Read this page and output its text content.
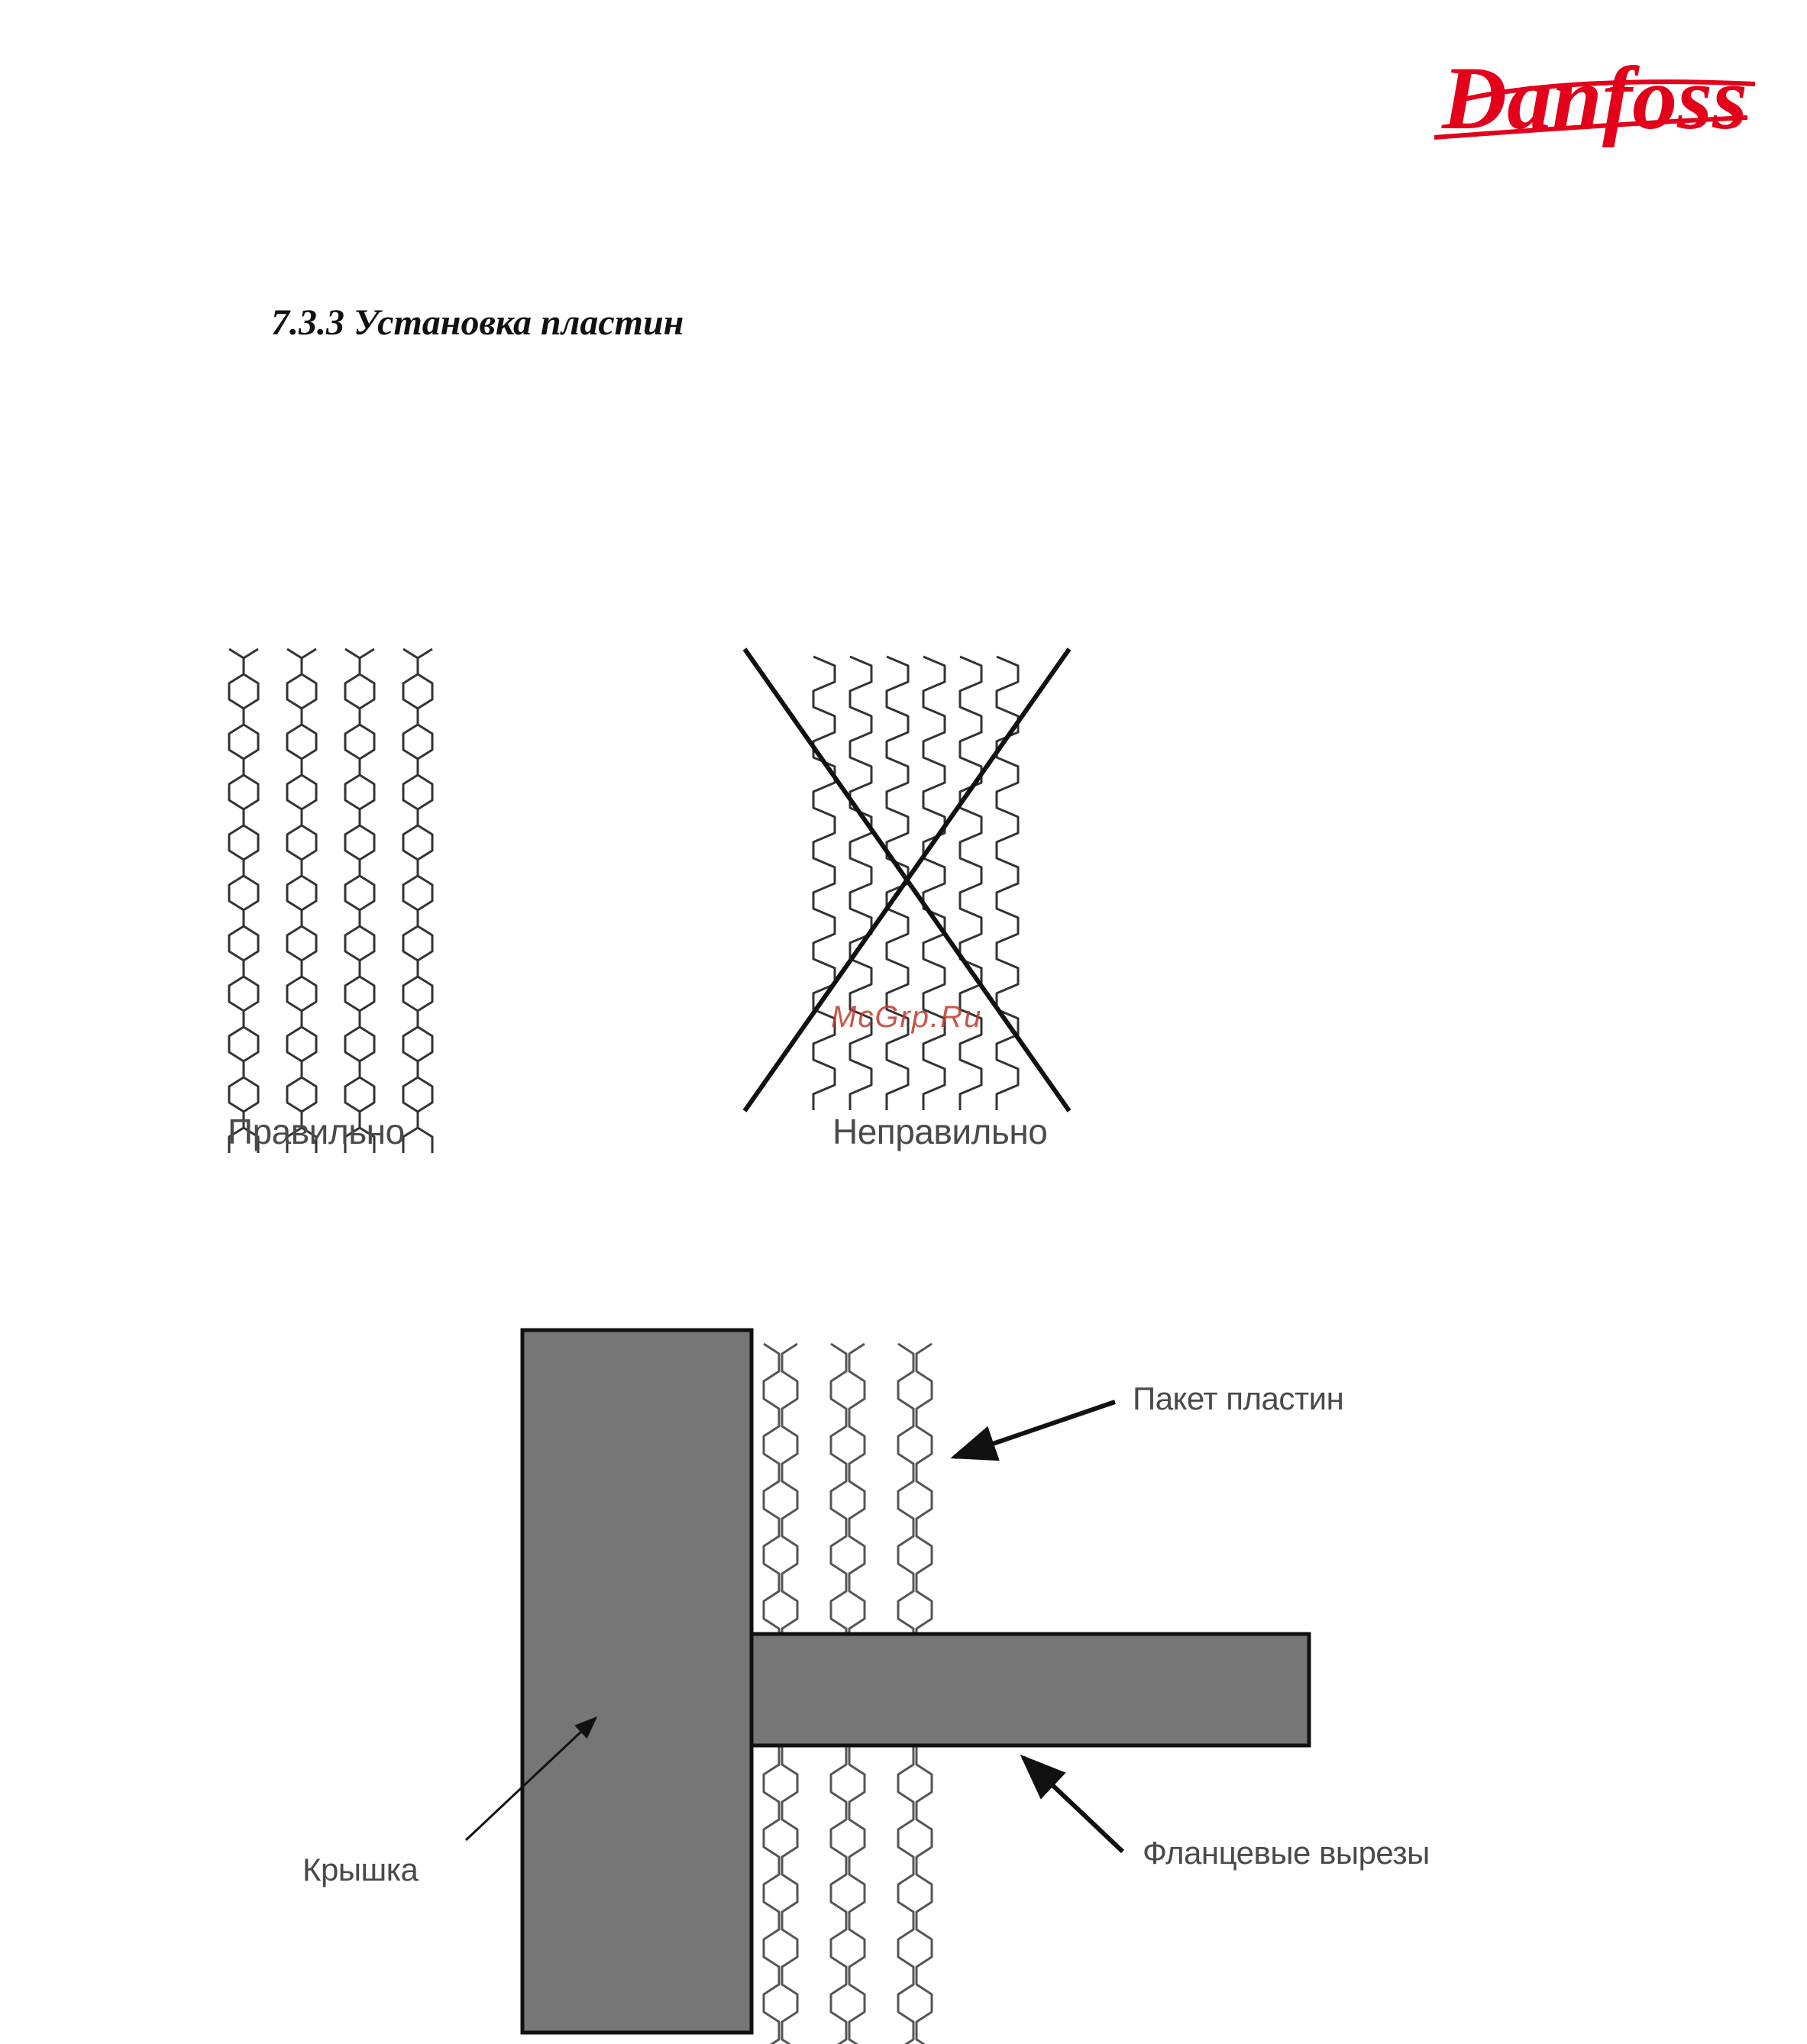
Danfoss
7.3.3 Установка пластин
Правильно
McGrp.Ru
Неправильно
Пакет пластин
Крышка	Фланцевые вырезы
